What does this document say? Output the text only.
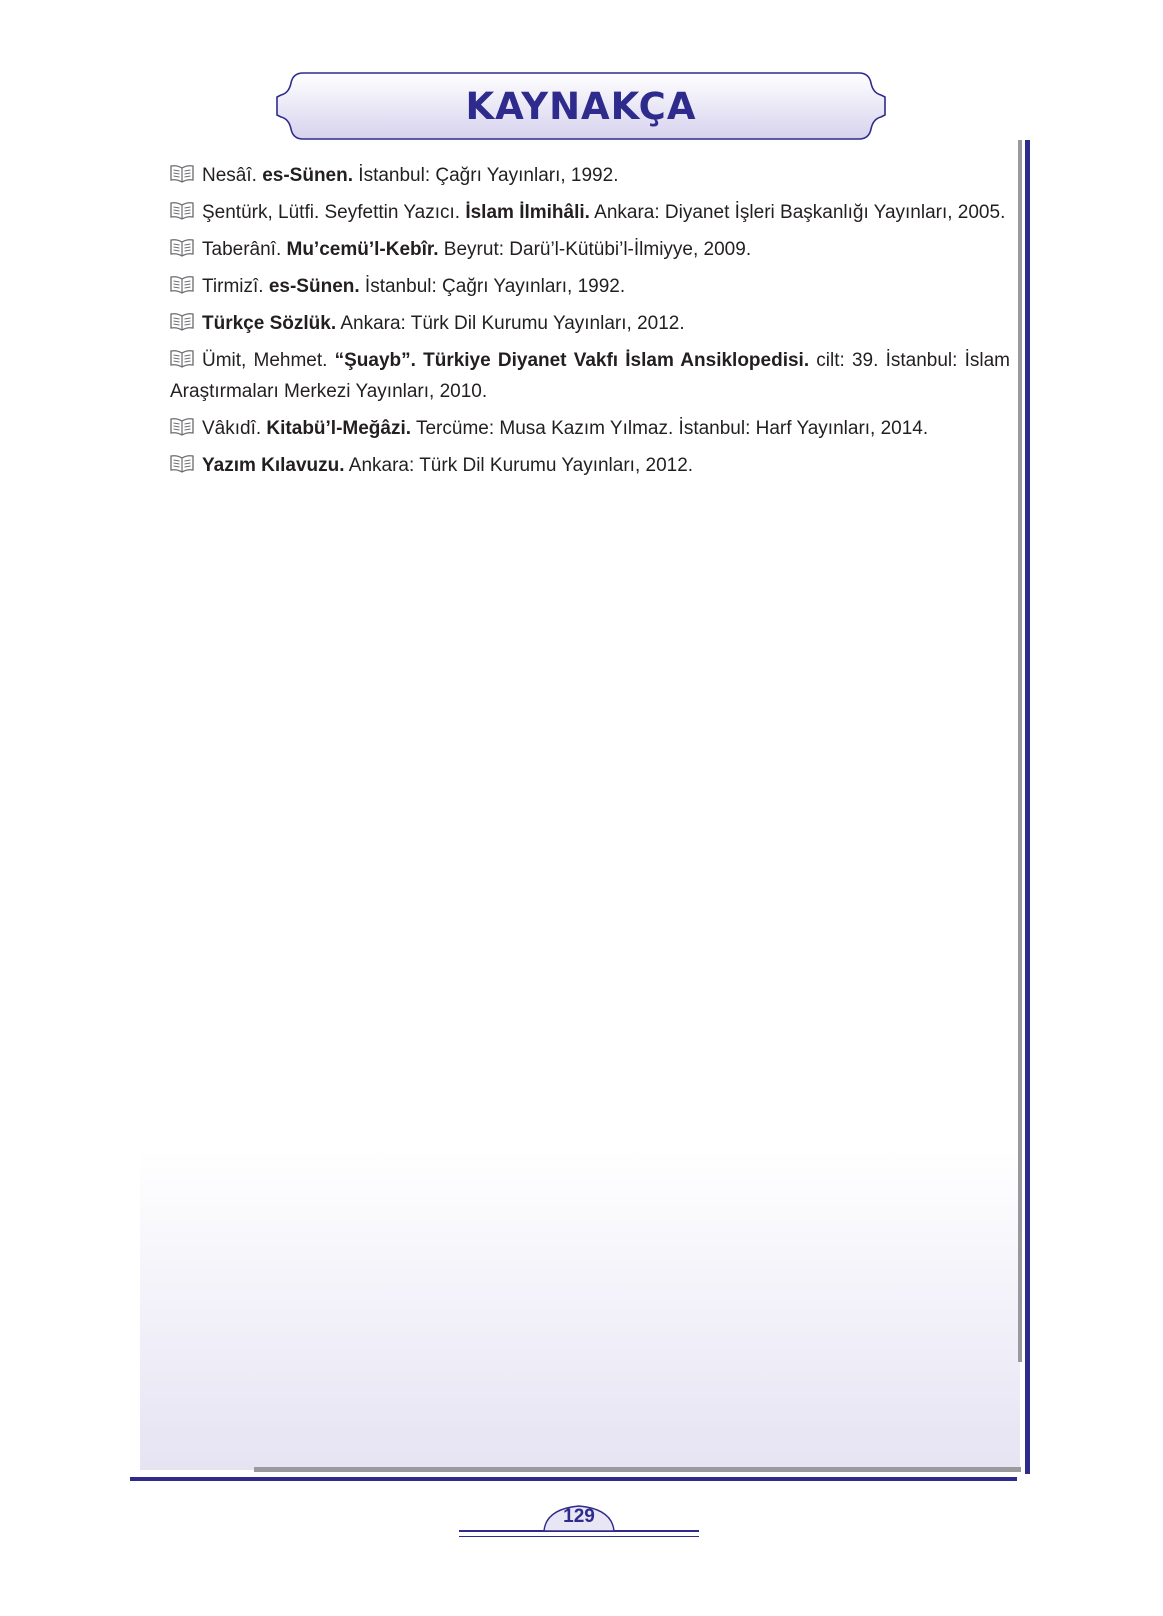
KAYNAKÇA
Nesâî. es-Sünen. İstanbul: Çağrı Yayınları, 1992.
Şentürk, Lütfi. Seyfettin Yazıcı. İslam İlmihâli. Ankara: Diyanet İşleri Başkanlığı Yayınları, 2005.
Taberânî. Mu’cemü’l-Kebîr. Beyrut: Darü’l-Kütübi’l-İlmiyye, 2009.
Tirmizî. es-Sünen. İstanbul: Çağrı Yayınları, 1992.
Türkçe Sözlük. Ankara: Türk Dil Kurumu Yayınları, 2012.
Ümit, Mehmet. “Şuayb”. Türkiye Diyanet Vakfı İslam Ansiklopedisi. cilt: 39. İstanbul: İslam Araştırmaları Merkezi Yayınları, 2010.
Vâkıdî. Kitabü’l-Meğâzi. Tercüme: Musa Kazım Yılmaz. İstanbul: Harf Yayınları, 2014.
Yazım Kılavuzu. Ankara: Türk Dil Kurumu Yayınları, 2012.
129
